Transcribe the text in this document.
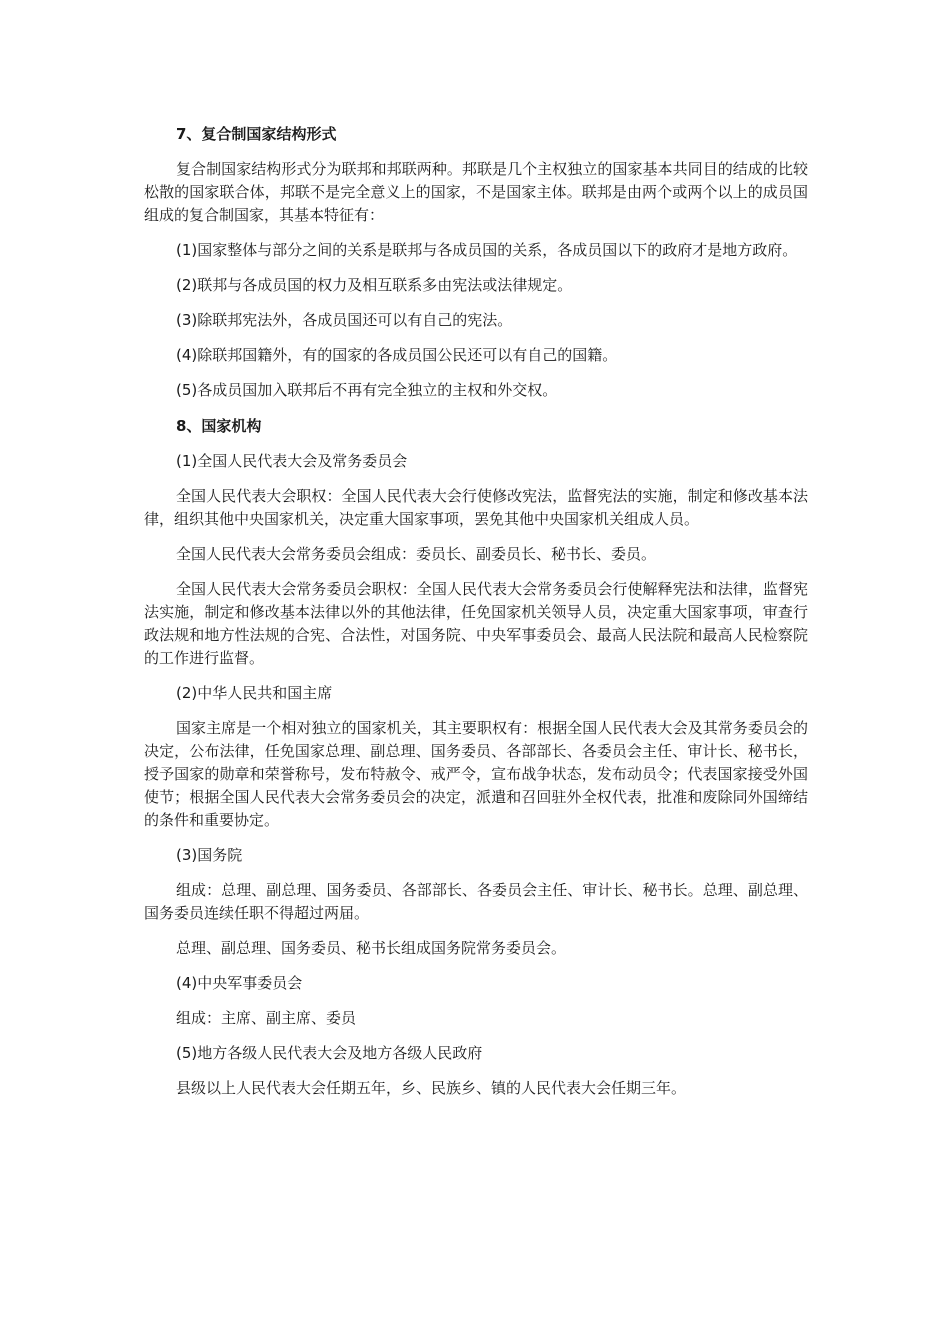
7、复合制国家结构形式
复合制国家结构形式分为联邦和邦联两种。邦联是几个主权独立的国家基本共同目的结成的比较松散的国家联合体，邦联不是完全意义上的国家，不是国家主体。联邦是由两个或两个以上的成员国组成的复合制国家，其基本特征有：
(1)国家整体与部分之间的关系是联邦与各成员国的关系，各成员国以下的政府才是地方政府。
(2)联邦与各成员国的权力及相互联系多由宪法或法律规定。
(3)除联邦宪法外，各成员国还可以有自己的宪法。
(4)除联邦国籍外，有的国家的各成员国公民还可以有自己的国籍。
(5)各成员国加入联邦后不再有完全独立的主权和外交权。
8、国家机构
(1)全国人民代表大会及常务委员会
全国人民代表大会职权：全国人民代表大会行使修改宪法，监督宪法的实施，制定和修改基本法律，组织其他中央国家机关，决定重大国家事项，罢免其他中央国家机关组成人员。
全国人民代表大会常务委员会组成：委员长、副委员长、秘书长、委员。
全国人民代表大会常务委员会职权：全国人民代表大会常务委员会行使解释宪法和法律，监督宪法实施，制定和修改基本法律以外的其他法律，任免国家机关领导人员，决定重大国家事项，审查行政法规和地方性法规的合宪、合法性，对国务院、中央军事委员会、最高人民法院和最高人民检察院的工作进行监督。
(2)中华人民共和国主席
国家主席是一个相对独立的国家机关，其主要职权有：根据全国人民代表大会及其常务委员会的决定，公布法律，任免国家总理、副总理、国务委员、各部部长、各委员会主任、审计长、秘书长，授予国家的勋章和荣誉称号，发布特赦令、戒严令，宣布战争状态，发布动员令；代表国家接受外国使节；根据全国人民代表大会常务委员会的决定，派遣和召回驻外全权代表，批准和废除同外国缔结的条件和重要协定。
(3)国务院
组成：总理、副总理、国务委员、各部部长、各委员会主任、审计长、秘书长。总理、副总理、国务委员连续任职不得超过两届。
总理、副总理、国务委员、秘书长组成国务院常务委员会。
(4)中央军事委员会
组成：主席、副主席、委员
(5)地方各级人民代表大会及地方各级人民政府
县级以上人民代表大会任期五年，乡、民族乡、镇的人民代表大会任期三年。
